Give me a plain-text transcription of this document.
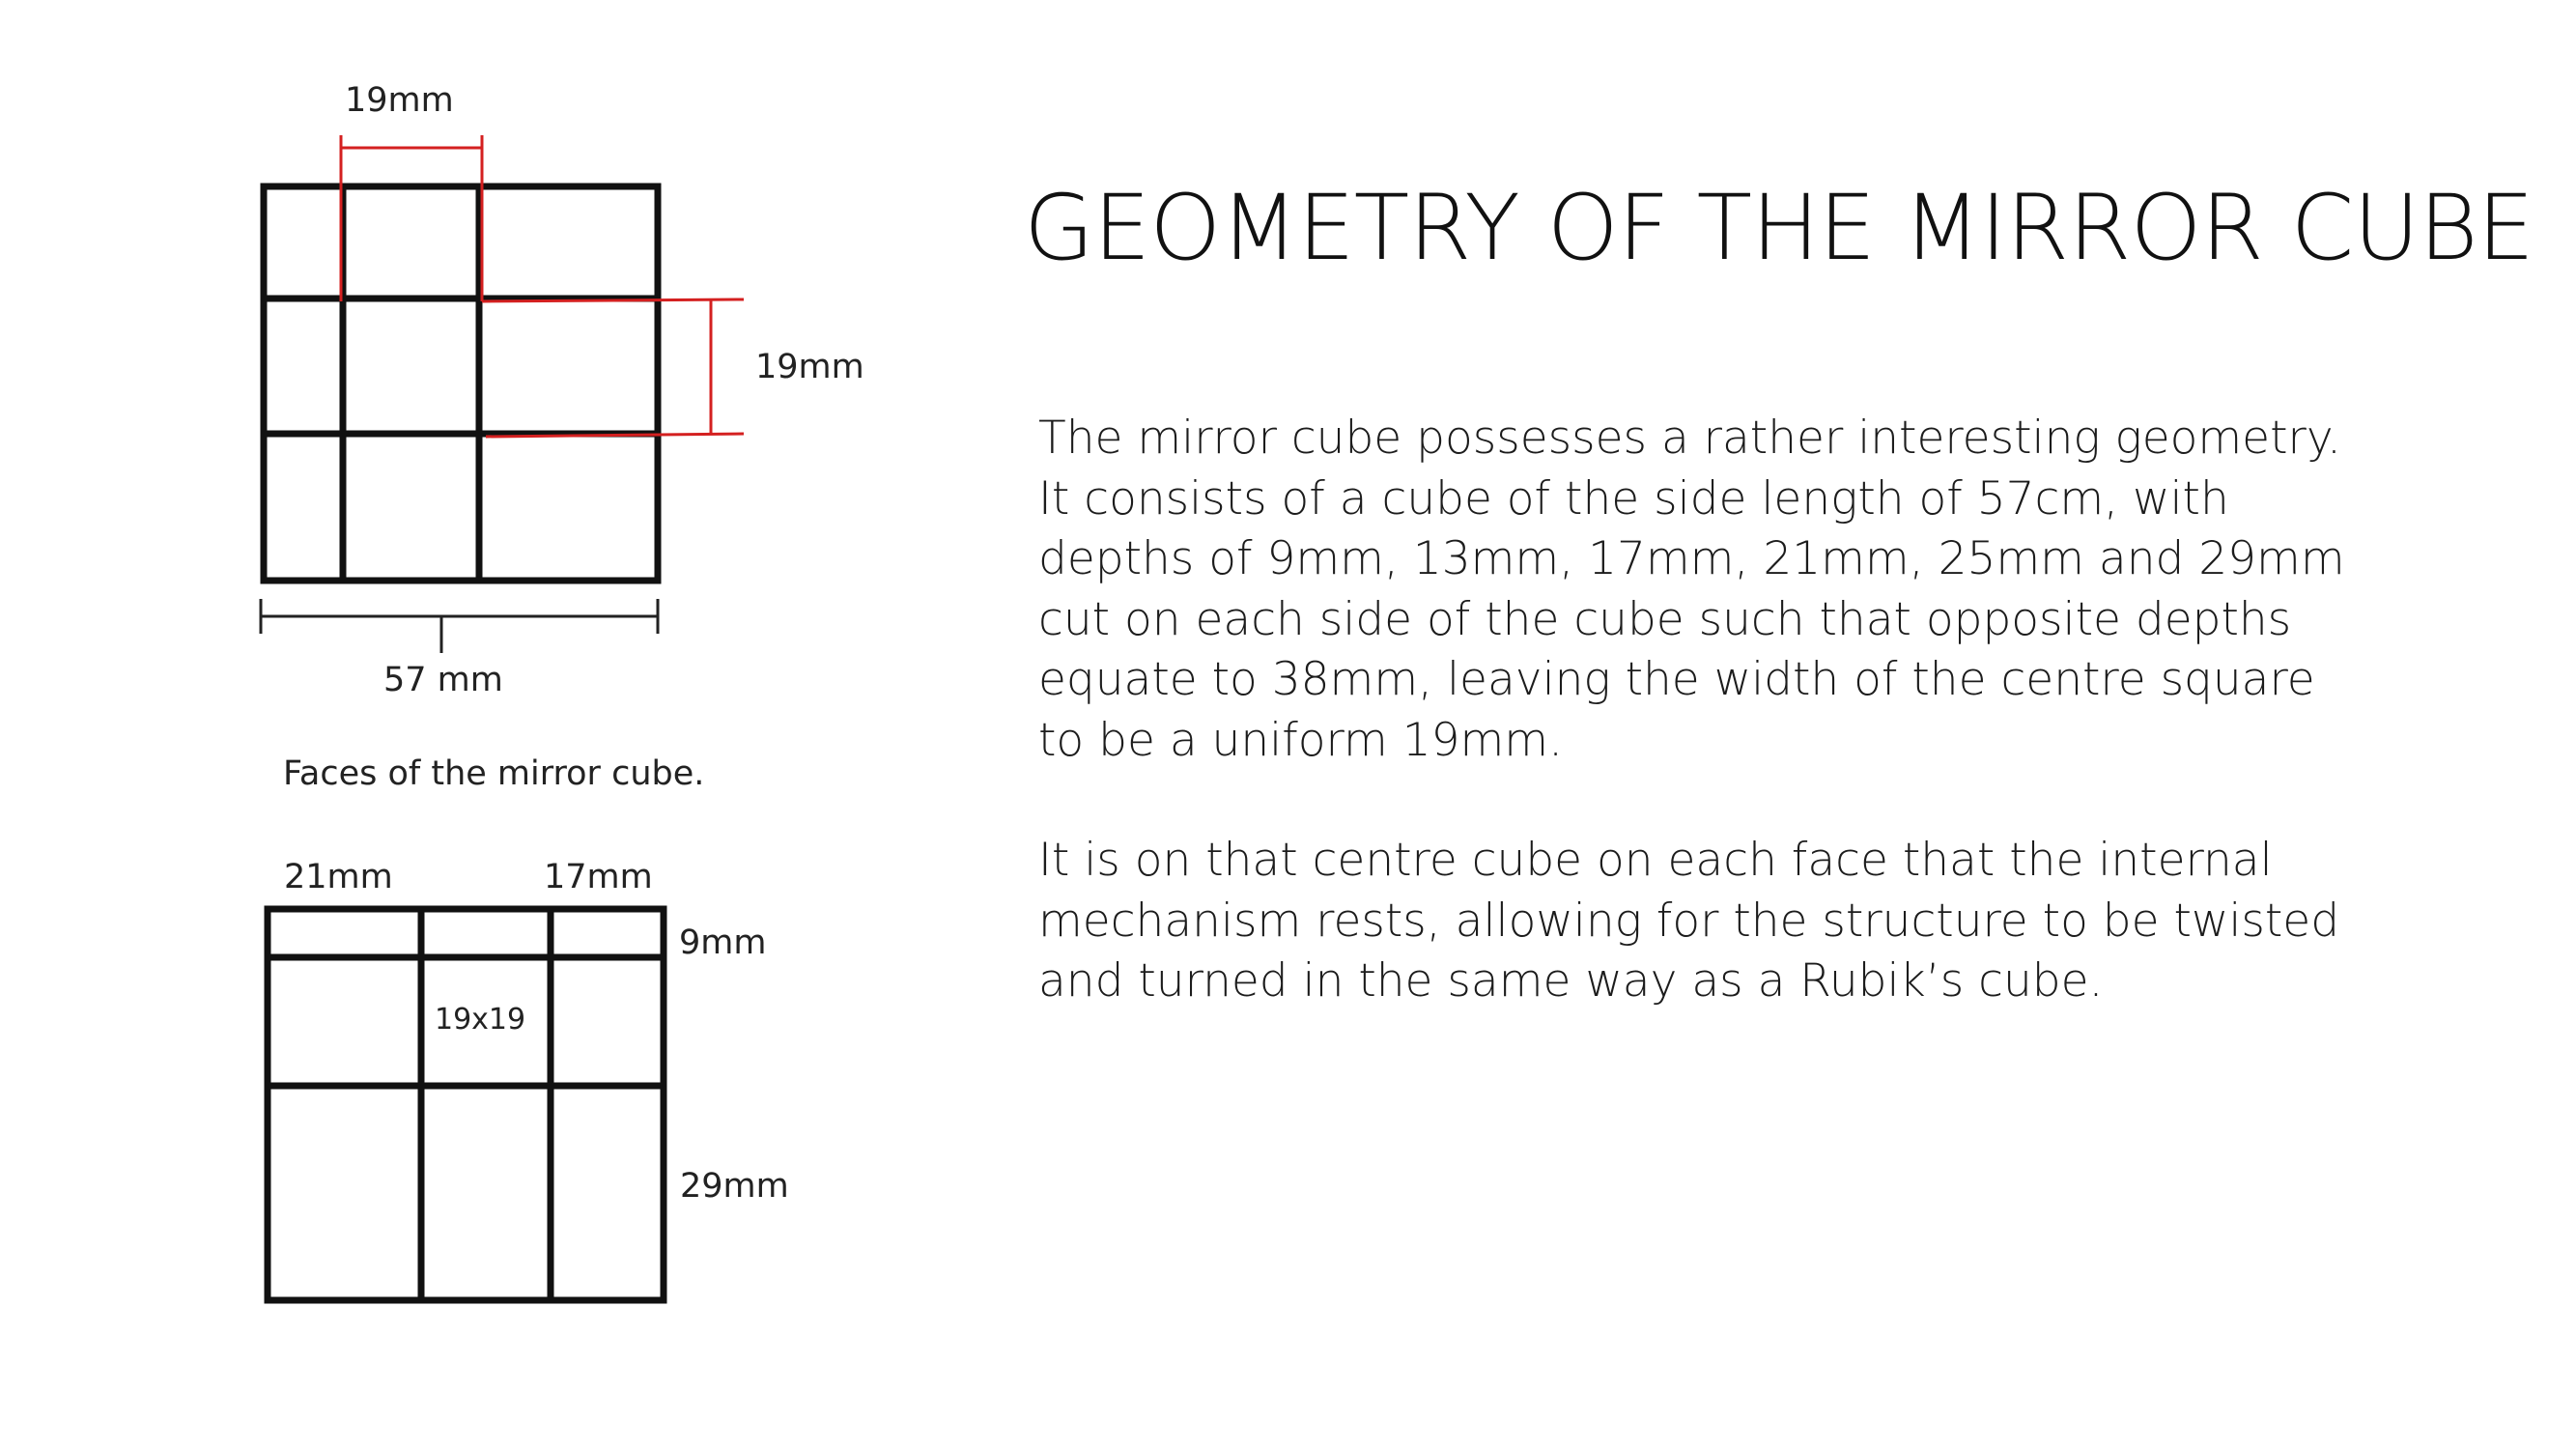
19mm
19mm
57 mm
Faces of the mirror cube.
21mm	17mm
9mm
19x19
29mm
GEOMETRY OF THE MIRROR CUBE

The mirror cube possesses a rather interesting geometry. It consists of a cube of the side length of 57cm, with depths of 9mm, 13mm, 17mm, 21mm, 25mm and 29mm cut on each side of the cube such that opposite depths equate to 38mm, leaving the width of the centre square to be a uniform 19mm.

It is on that centre cube on each face that the internal mechanism rests, allowing for the structure to be twisted and turned in the same way as a Rubik’s cube.
